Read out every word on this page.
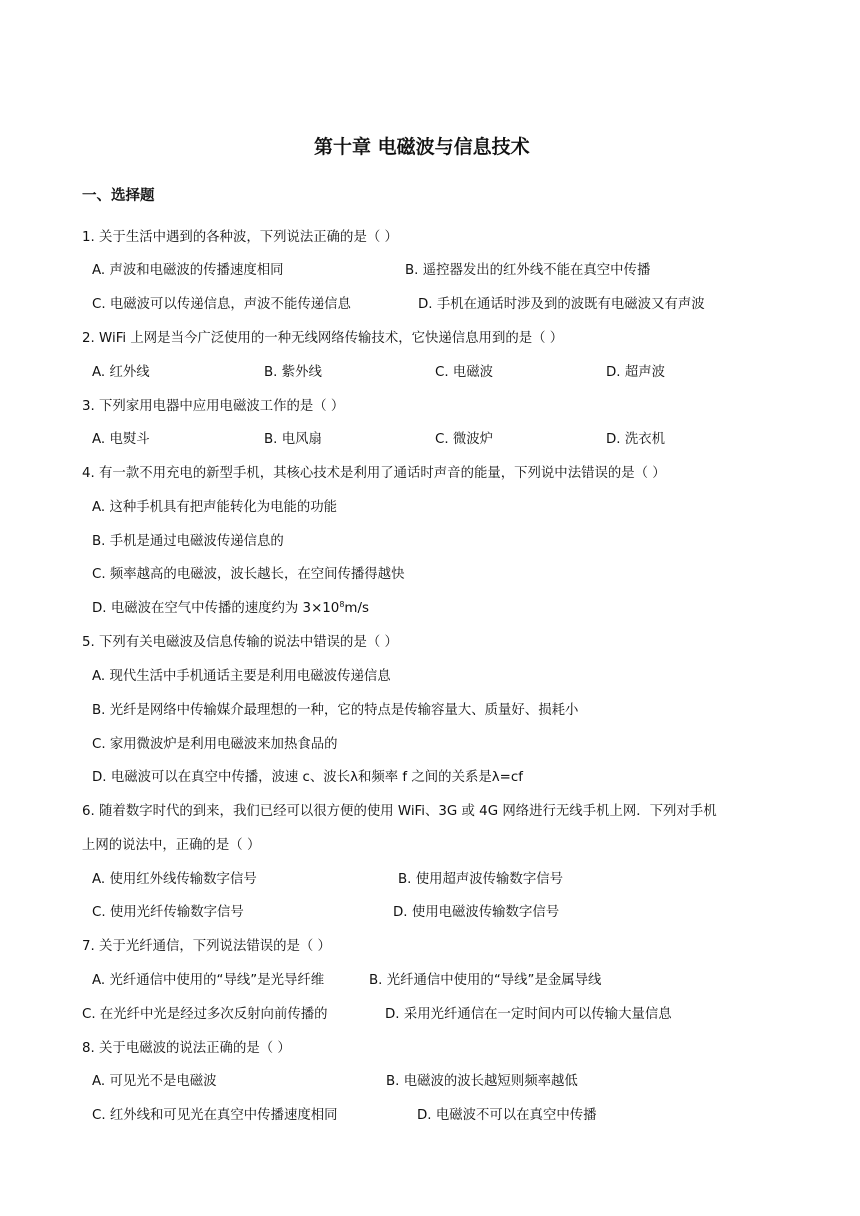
第十章 电磁波与信息技术
一、选择题
1. 关于生活中遇到的各种波，下列说法正确的是（ ）
A. 声波和电磁波的传播速度相同	B. 遥控器发出的红外线不能在真空中传播
C. 电磁波可以传递信息，声波不能传递信息	D. 手机在通话时涉及到的波既有电磁波又有声波
2. WiFi 上网是当今广泛使用的一种无线网络传输技术，它快递信息用到的是（ ）
A. 红外线	B. 紫外线	C. 电磁波	D. 超声波
3. 下列家用电器中应用电磁波工作的是（ ）
A. 电熨斗	B. 电风扇	C. 微波炉	D. 洗衣机
4. 有一款不用充电的新型手机，其核心技术是利用了通话时声音的能量，下列说中法错误的是（ ）
A. 这种手机具有把声能转化为电能的功能
B. 手机是通过电磁波传递信息的
C. 频率越高的电磁波，波长越长，在空间传播得越快
D. 电磁波在空气中传播的速度约为 $3\times 10^8m/s$
5. 下列有关电磁波及信息传输的说法中错误的是（ ）
A. 现代生活中手机通话主要是利用电磁波传递信息
B. 光纤是网络中传输媒介最理想的一种，它的特点是传输容量大、质量好、损耗小
C. 家用微波炉是利用电磁波来加热食品的
D. 电磁波可以在真空中传播，波速 c、波长λ和频率 f 之间的关系是λ=cf
6. 随着数字时代的到来，我们已经可以很方便的使用 WiFi、3G 或 4G 网络进行无线手机上网．下列对手机
上网的说法中，正确的是（ ）
A. 使用红外线传输数字信号	B. 使用超声波传输数字信号
C. 使用光纤传输数字信号	D. 使用电磁波传输数字信号
7. 关于光纤通信，下列说法错误的是（ ）
A. 光纤通信中使用的“导线”是光导纤维	B. 光纤通信中使用的“导线”是金属导线
C. 在光纤中光是经过多次反射向前传播的	D. 采用光纤通信在一定时间内可以传输大量信息
8. 关于电磁波的说法正确的是（ ）
A. 可见光不是电磁波	B. 电磁波的波长越短则频率越低
C. 红外线和可见光在真空中传播速度相同	D. 电磁波不可以在真空中传播
